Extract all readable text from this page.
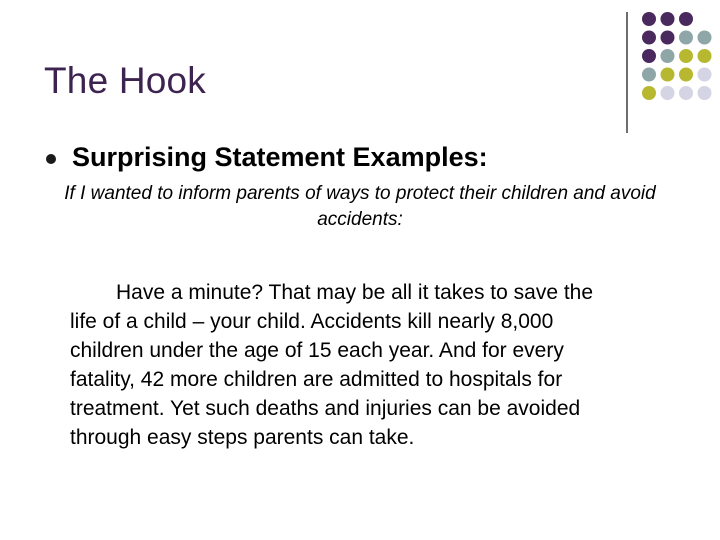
The Hook
Surprising Statement Examples:

If I wanted to inform parents of ways to protect their children and avoid accidents:

Have a minute? That may be all it takes to save the

life of a child – your child. Accidents kill nearly 8,000

children under the age of 15 each year. And for every

fatality, 42 more children are admitted to hospitals for

treatment. Yet such deaths and injuries can be avoided

through easy steps parents can take.
